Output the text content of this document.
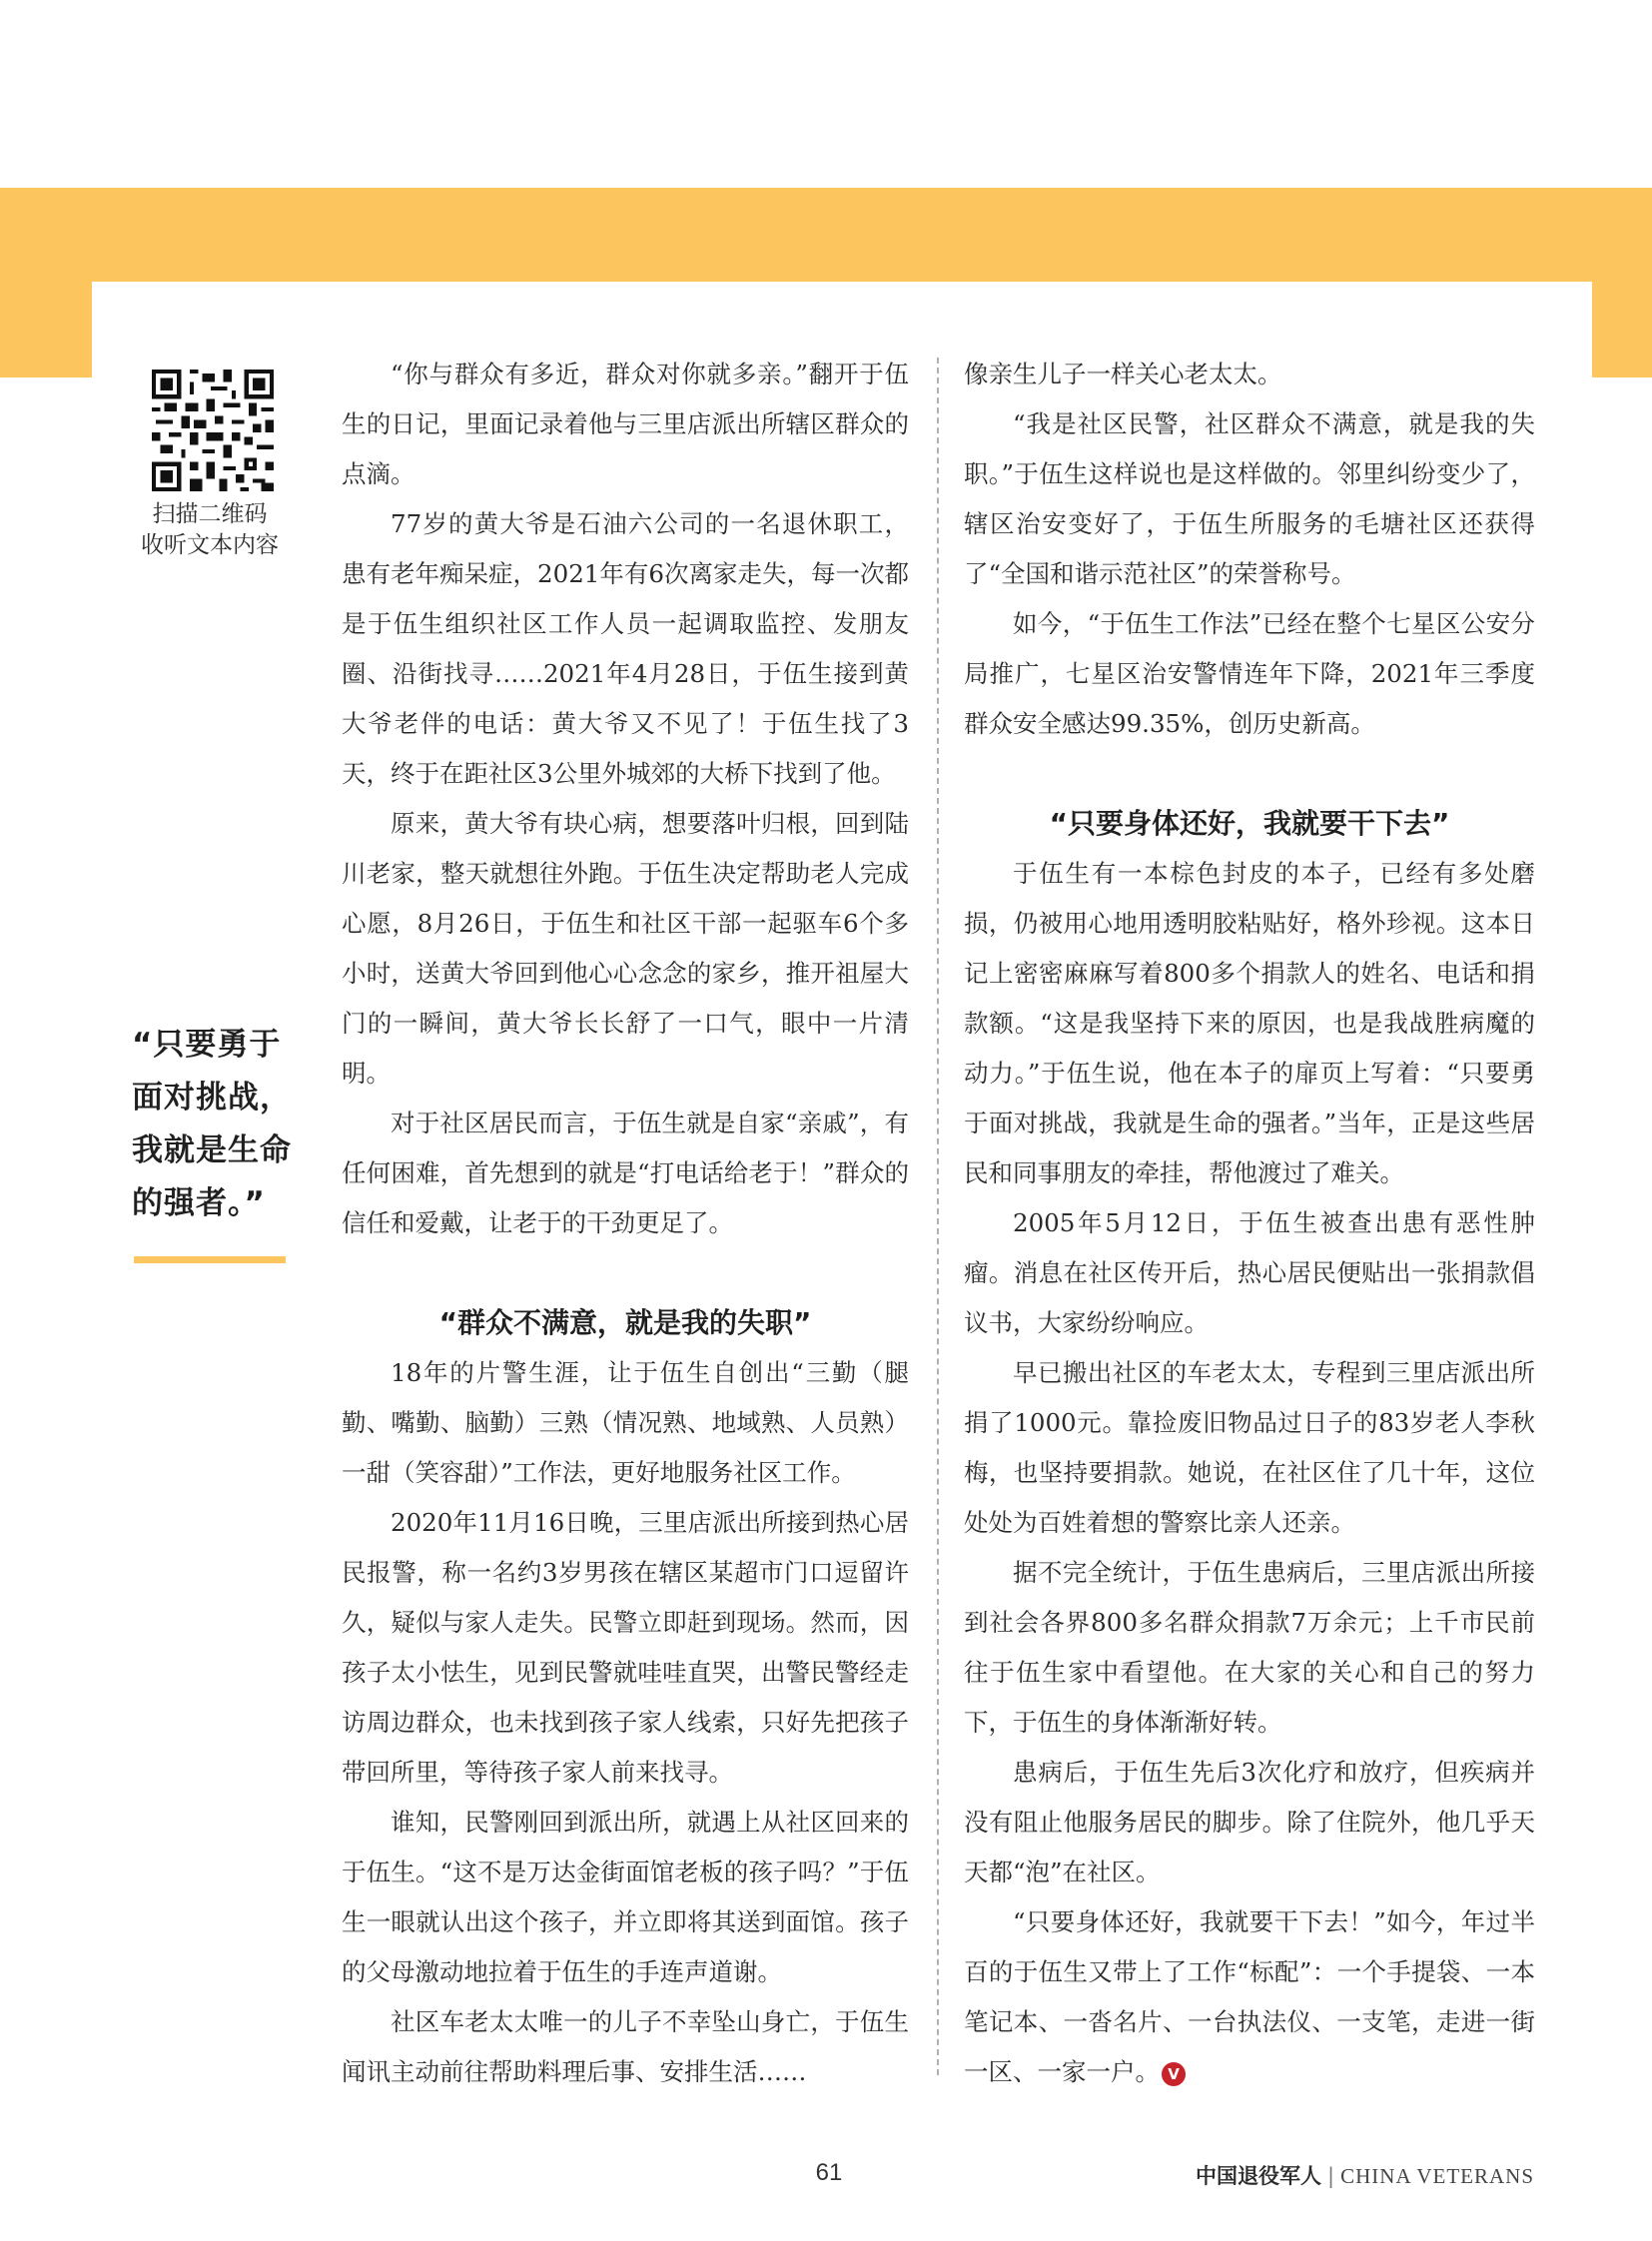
扫描二维码
收听文本内容
“只要勇于
面对挑战，
我就是生命
的强者。”

“你与群众有多近，群众对你就多亲。”翻开于伍生的日记，里面记录着他与三里店派出所辖区群众的点滴。

77岁的黄大爷是石油六公司的一名退休职工，患有老年痴呆症，2021年有6次离家走失，每一次都是于伍生组织社区工作人员一起调取监控、发朋友圈、沿街找寻……2021年4月28日，于伍生接到黄大爷老伴的电话：黄大爷又不见了！于伍生找了3天，终于在距社区3公里外城郊的大桥下找到了他。

原来，黄大爷有块心病，想要落叶归根，回到陆川老家，整天就想往外跑。于伍生决定帮助老人完成心愿，8月26日，于伍生和社区干部一起驱车6个多小时，送黄大爷回到他心心念念的家乡，推开祖屋大门的一瞬间，黄大爷长长舒了一口气，眼中一片清明。

对于社区居民而言，于伍生就是自家“亲戚”，有任何困难，首先想到的就是“打电话给老于！”群众的信任和爱戴，让老于的干劲更足了。

“群众不满意，就是我的失职”

18年的片警生涯，让于伍生自创出“三勤（腿勤、嘴勤、脑勤）三熟（情况熟、地域熟、人员熟）一甜（笑容甜）”工作法，更好地服务社区工作。

2020年11月16日晚，三里店派出所接到热心居民报警，称一名约3岁男孩在辖区某超市门口逗留许久，疑似与家人走失。民警立即赶到现场。然而，因孩子太小怯生，见到民警就哇哇直哭，出警民警经走访周边群众，也未找到孩子家人线索，只好先把孩子带回所里，等待孩子家人前来找寻。

谁知，民警刚回到派出所，就遇上从社区回来的于伍生。“这不是万达金街面馆老板的孩子吗？”于伍生一眼就认出这个孩子，并立即将其送到面馆。孩子的父母激动地拉着于伍生的手连声道谢。

社区车老太太唯一的儿子不幸坠山身亡，于伍生闻讯主动前往帮助料理后事、安排生活……

像亲生儿子一样关心老太太。

“我是社区民警，社区群众不满意，就是我的失职。”于伍生这样说也是这样做的。邻里纠纷变少了，辖区治安变好了，于伍生所服务的毛塘社区还获得了“全国和谐示范社区”的荣誉称号。

如今，“于伍生工作法”已经在整个七星区公安分局推广，七星区治安警情连年下降，2021年三季度群众安全感达99.35%，创历史新高。

“只要身体还好，我就要干下去”

于伍生有一本棕色封皮的本子，已经有多处磨损，仍被用心地用透明胶粘贴好，格外珍视。这本日记上密密麻麻写着800多个捐款人的姓名、电话和捐款额。“这是我坚持下来的原因，也是我战胜病魔的动力。”于伍生说，他在本子的扉页上写着：“只要勇于面对挑战，我就是生命的强者。”当年，正是这些居民和同事朋友的牵挂，帮他渡过了难关。

2005年5月12日，于伍生被查出患有恶性肿瘤。消息在社区传开后，热心居民便贴出一张捐款倡议书，大家纷纷响应。

早已搬出社区的车老太太，专程到三里店派出所捐了1000元。靠捡废旧物品过日子的83岁老人李秋梅，也坚持要捐款。她说，在社区住了几十年，这位处处为百姓着想的警察比亲人还亲。

据不完全统计，于伍生患病后，三里店派出所接到社会各界800多名群众捐款7万余元；上千市民前往于伍生家中看望他。在大家的关心和自己的努力下，于伍生的身体渐渐好转。

患病后，于伍生先后3次化疗和放疗，但疾病并没有阻止他服务居民的脚步。除了住院外，他几乎天天都“泡”在社区。

“只要身体还好，我就要干下去！”如今，年过半百的于伍生又带上了工作“标配”：一个手提袋、一本笔记本、一沓名片、一台执法仪、一支笔，走进一街一区、一家一户。 V

61	中国退役军人 | CHINA VETERANS
